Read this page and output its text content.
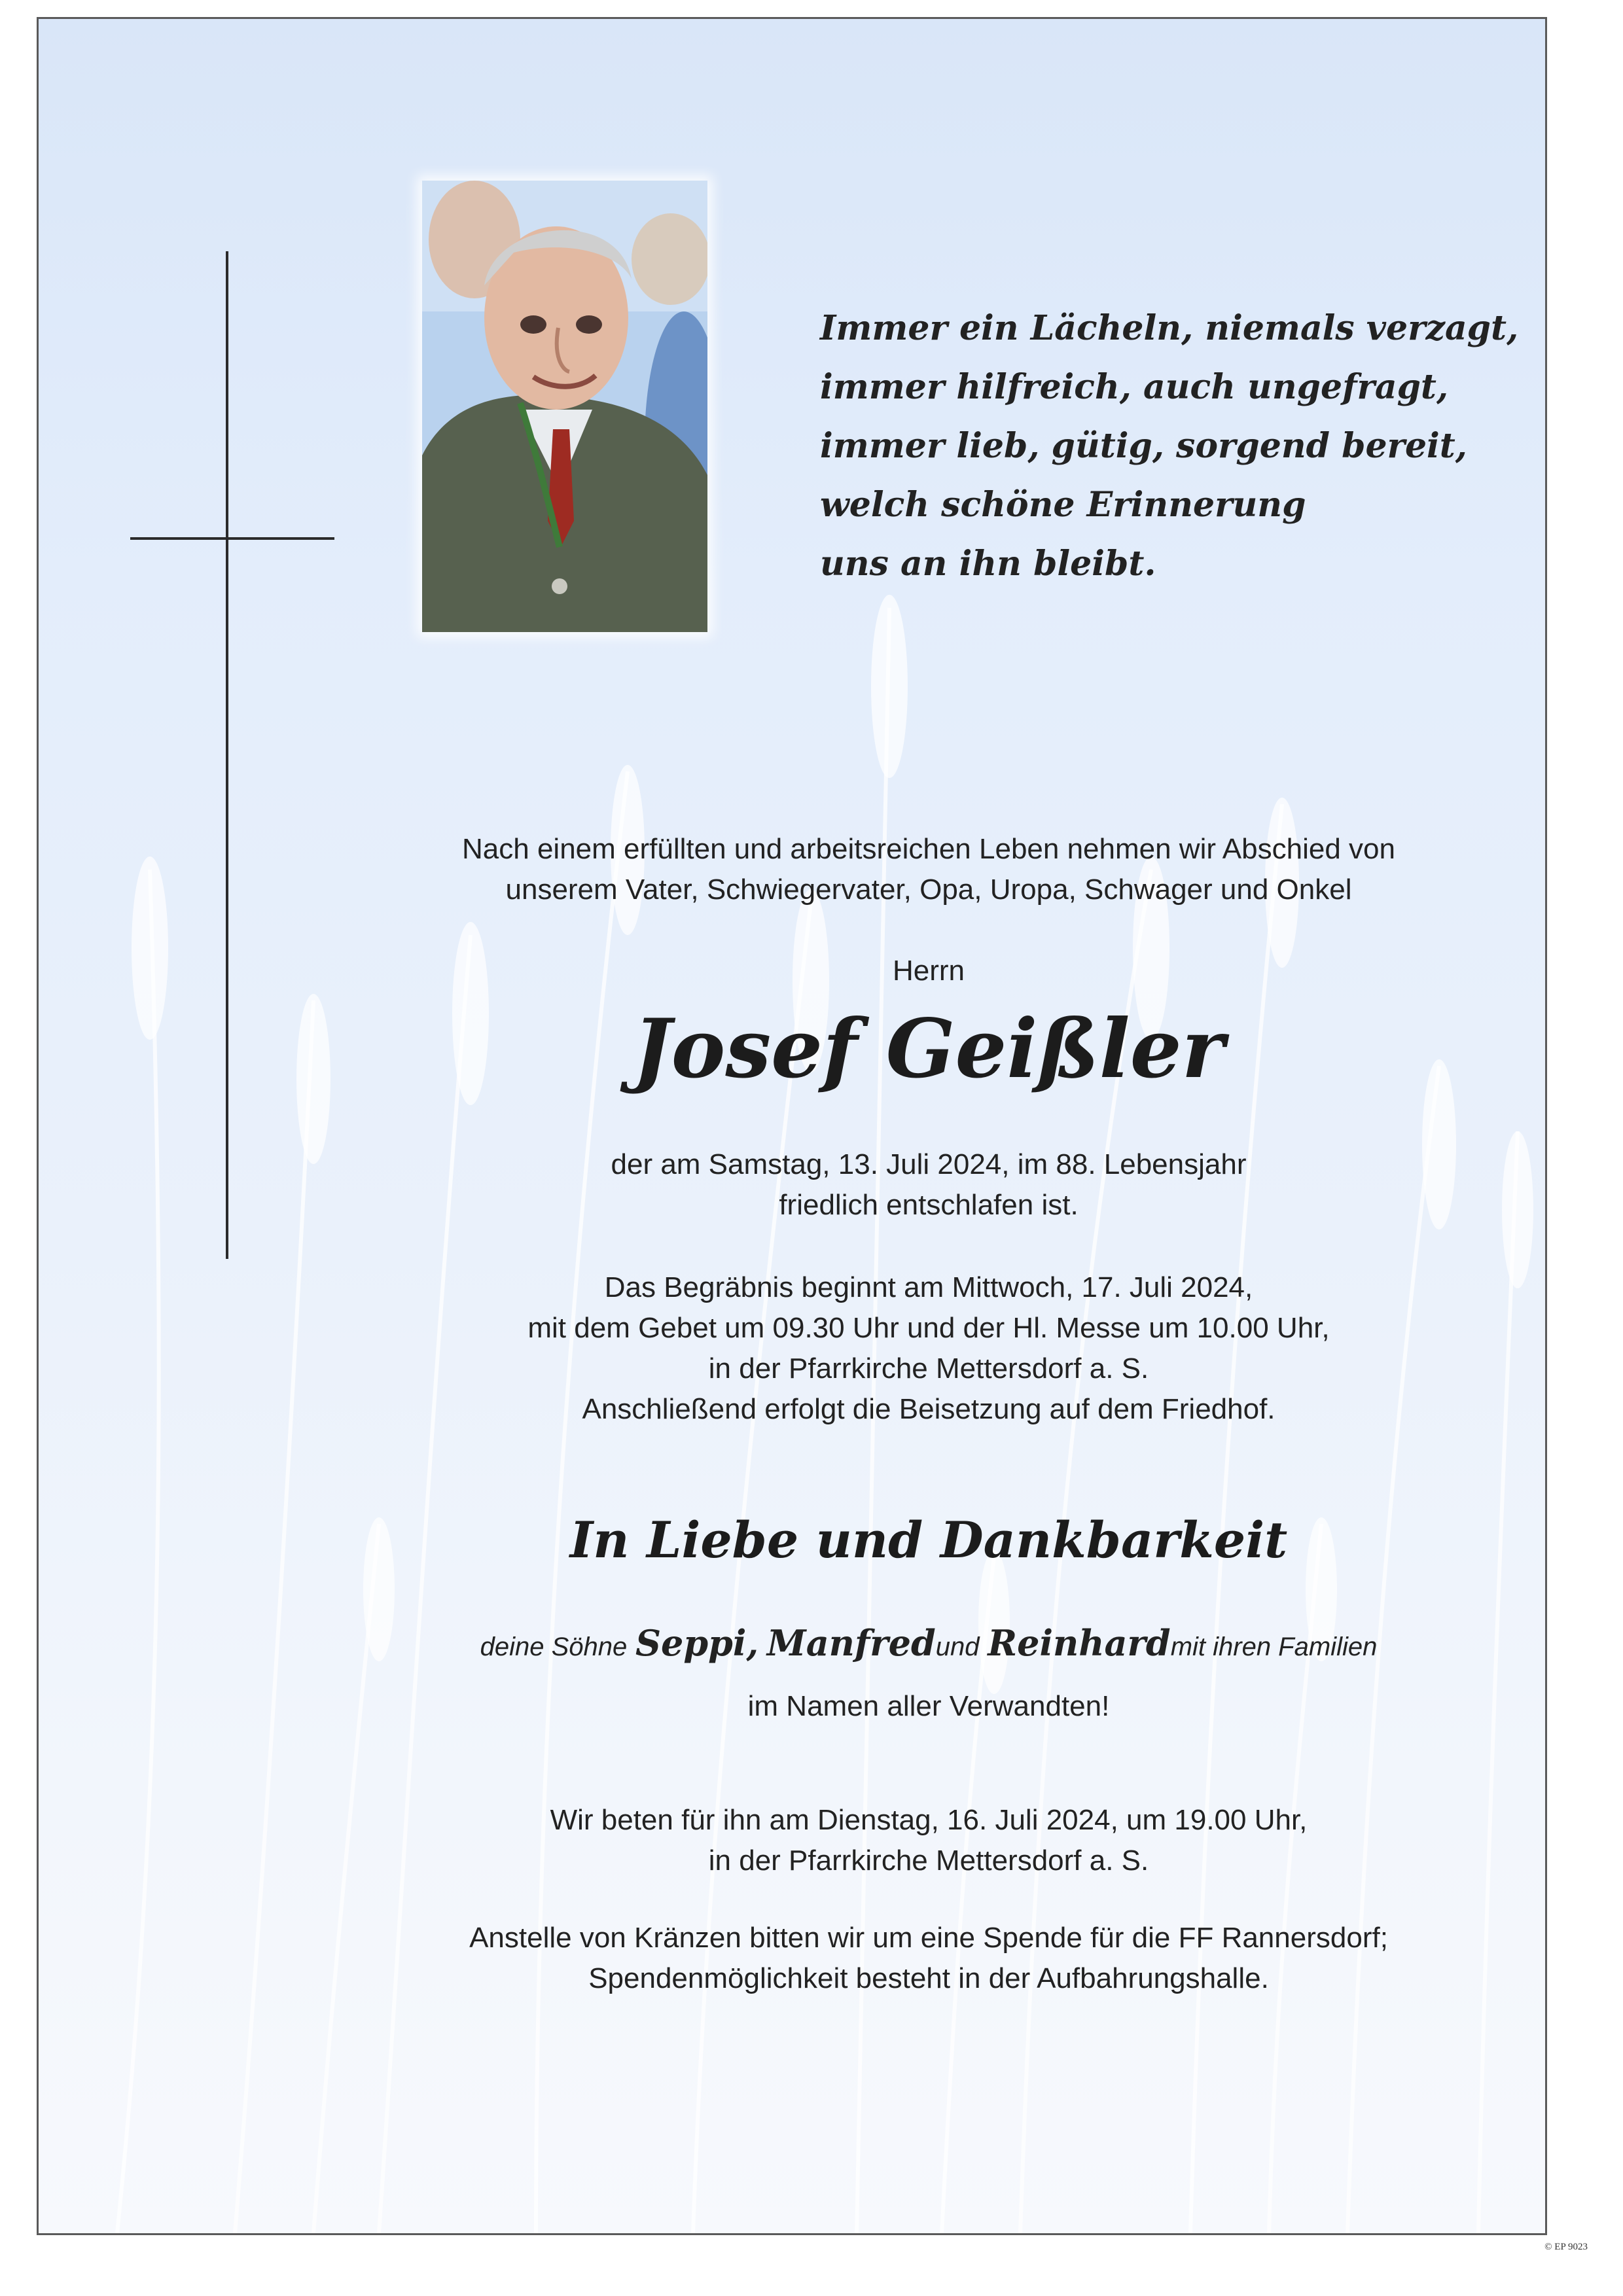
Immer ein Lächeln, niemals verzagt,
immer hilfreich, auch ungefragt,
immer lieb, gütig, sorgend bereit,
welch schöne Erinnerung
uns an ihn bleibt.
Nach einem erfüllten und arbeitsreichen Leben nehmen wir Abschied von
unserem Vater, Schwiegervater, Opa, Uropa, Schwager und Onkel
Herrn
Josef Geißler
der am Samstag, 13. Juli 2024, im 88. Lebensjahr
friedlich entschlafen ist.
Das Begräbnis beginnt am Mittwoch, 17. Juli 2024,
mit dem Gebet um 09.30 Uhr und der Hl. Messe um 10.00 Uhr,
in der Pfarrkirche Mettersdorf a. S.
Anschließend erfolgt die Beisetzung auf dem Friedhof.
In Liebe und Dankbarkeit
deine Söhne Seppi, Manfredund Reinhardmit ihren Familien
im Namen aller Verwandten!
Wir beten für ihn am Dienstag, 16. Juli 2024, um 19.00 Uhr,
in der Pfarrkirche Mettersdorf a. S.
Anstelle von Kränzen bitten wir um eine Spende für die FF Rannersdorf;
Spendenmöglichkeit besteht in der Aufbahrungshalle.
© EP 9023
